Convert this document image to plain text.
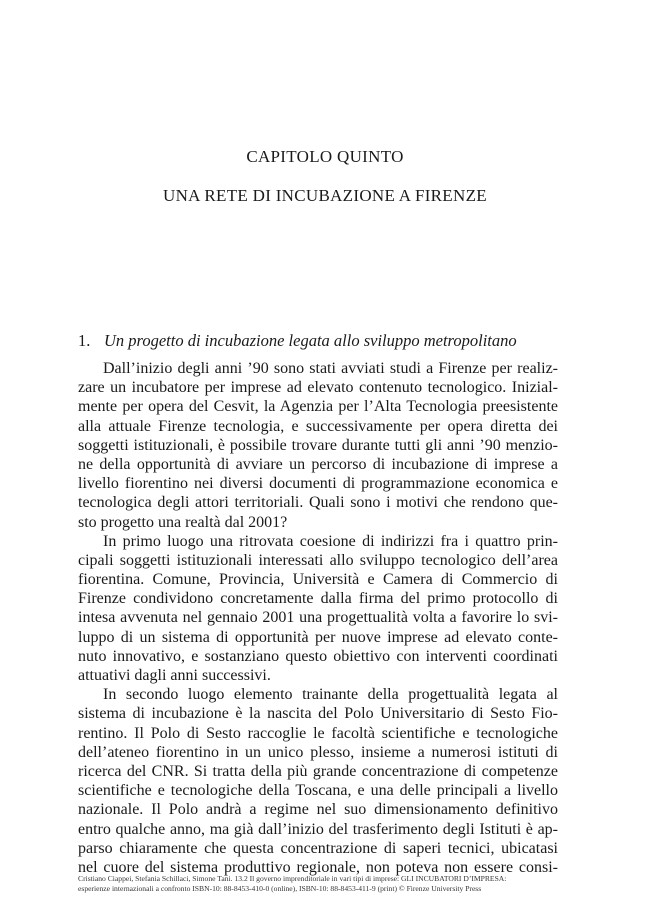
CAPITOLO QUINTO
UNA RETE DI INCUBAZIONE A FIRENZE
1. Un progetto di incubazione legata allo sviluppo metropolitano
Dall’inizio degli anni ’90 sono stati avviati studi a Firenze per realiz-
zare un incubatore per imprese ad elevato contenuto tecnologico. Inizial-
mente per opera del Cesvit, la Agenzia per l’Alta Tecnologia preesistente
alla attuale Firenze tecnologia, e successivamente per opera diretta dei
soggetti istituzionali, è possibile trovare durante tutti gli anni ’90 menzio-
ne della opportunità di avviare un percorso di incubazione di imprese a
livello fiorentino nei diversi documenti di programmazione economica e
tecnologica degli attori territoriali. Quali sono i motivi che rendono que-
sto progetto una realtà dal 2001?
In primo luogo una ritrovata coesione di indirizzi fra i quattro prin-
cipali soggetti istituzionali interessati allo sviluppo tecnologico dell’area
fiorentina. Comune, Provincia, Università e Camera di Commercio di
Firenze condividono concretamente dalla firma del primo protocollo di
intesa avvenuta nel gennaio 2001 una progettualità volta a favorire lo svi-
luppo di un sistema di opportunità per nuove imprese ad elevato conte-
nuto innovativo, e sostanziano questo obiettivo con interventi coordinati
attuativi dagli anni successivi.
In secondo luogo elemento trainante della progettualità legata al
sistema di incubazione è la nascita del Polo Universitario di Sesto Fio-
rentino. Il Polo di Sesto raccoglie le facoltà scientifiche e tecnologiche
dell’ateneo fiorentino in un unico plesso, insieme a numerosi istituti di
ricerca del CNR. Si tratta della più grande concentrazione di competenze
scientifiche e tecnologiche della Toscana, e una delle principali a livello
nazionale. Il Polo andrà a regime nel suo dimensionamento definitivo
entro qualche anno, ma già dall’inizio del trasferimento degli Istituti è ap-
parso chiaramente che questa concentrazione di saperi tecnici, ubicatasi
nel cuore del sistema produttivo regionale, non poteva non essere consi-
Cristiano Ciappei, Stefania Schillaci, Simone Tani. 13.2 Il governo imprenditoriale in vari tipi di imprese: GLI INCUBATORI D’IMPRESA:
esperienze internazionali a confronto ISBN-10: 88-8453-410-0 (online), ISBN-10: 88-8453-411-9 (print) © Firenze University Press
